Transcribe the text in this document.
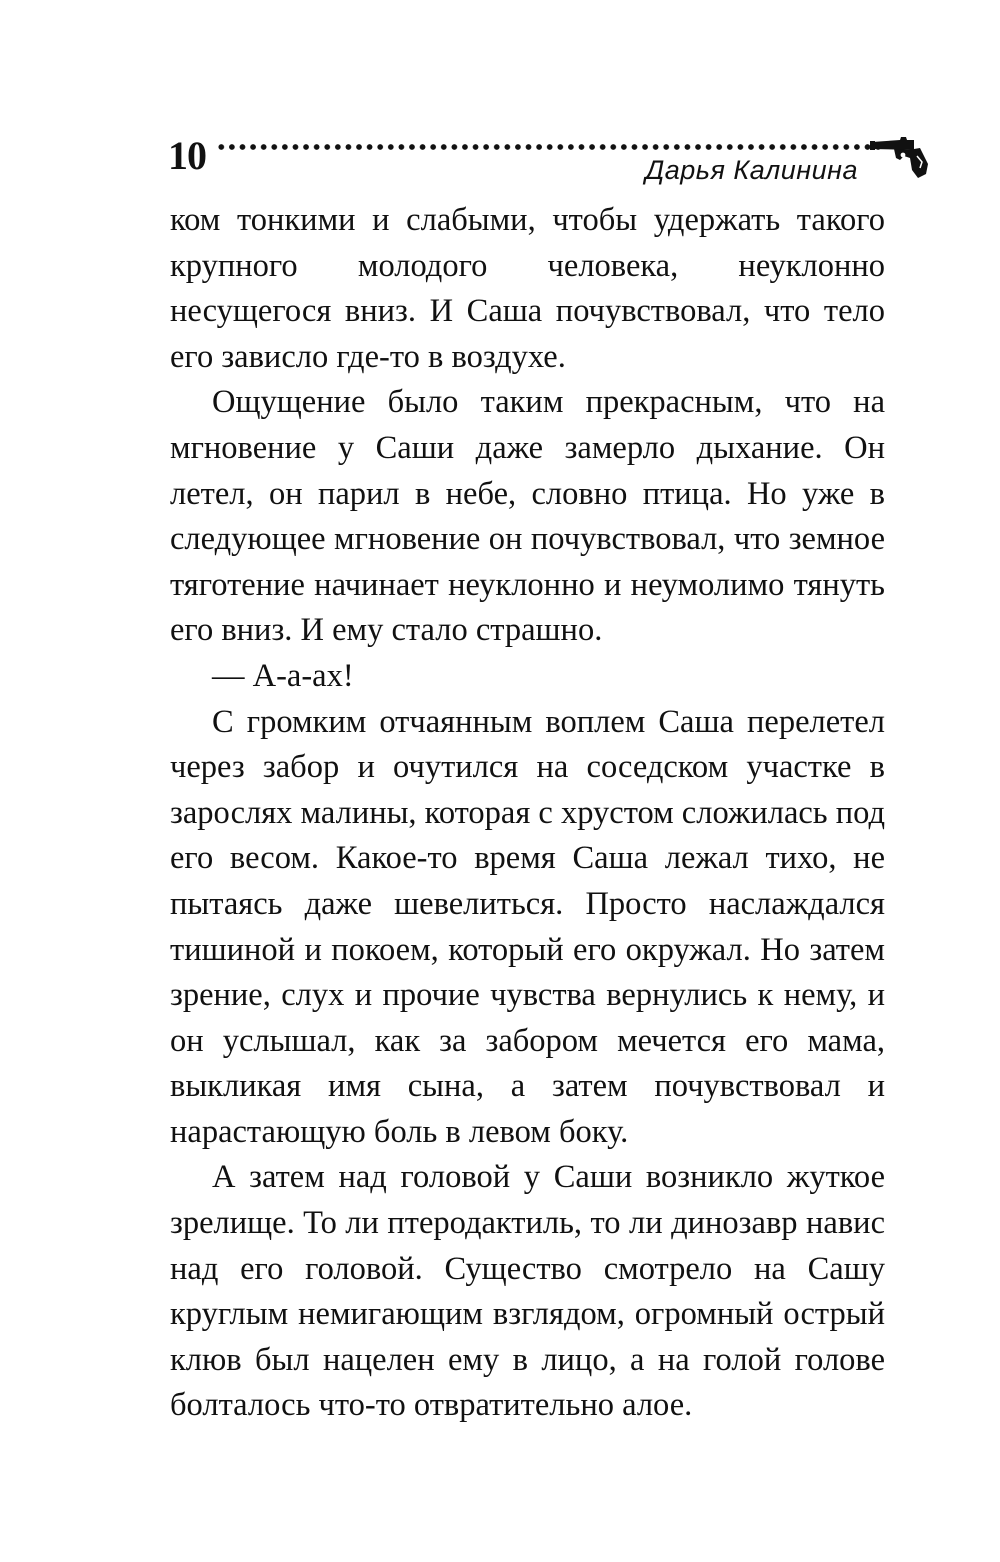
10	Дарья Калинина

ком тонкими и слабыми, чтобы удержать такого крупного молодого человека, неуклонно несущегося вниз. И Саша почувствовал, что тело его зависло где-то в воздухе.

Ощущение было таким прекрасным, что на мгновение у Саши даже замерло дыхание. Он летел, он парил в небе, словно птица. Но уже в следующее мгновение он почувствовал, что земное тяготение начинает неуклонно и неумолимо тянуть его вниз. И ему стало страшно.

— А-а-ах!

С громким отчаянным воплем Саша перелетел через забор и очутился на соседском участке в зарослях малины, которая с хрустом сложилась под его весом. Какое-то время Саша лежал тихо, не пытаясь даже шевелиться. Просто наслаждался тишиной и покоем, который его окружал. Но затем зрение, слух и прочие чувства вернулись к нему, и он услышал, как за забором мечется его мама, выкликая имя сына, а затем почувствовал и нарастающую боль в левом боку.

А затем над головой у Саши возникло жуткое зрелище. То ли птеродактиль, то ли динозавр навис над его головой. Существо смотрело на Сашу круглым немигающим взглядом, огромный острый клюв был нацелен ему в лицо, а на голой голове болталось что-то отвратительно алое.
